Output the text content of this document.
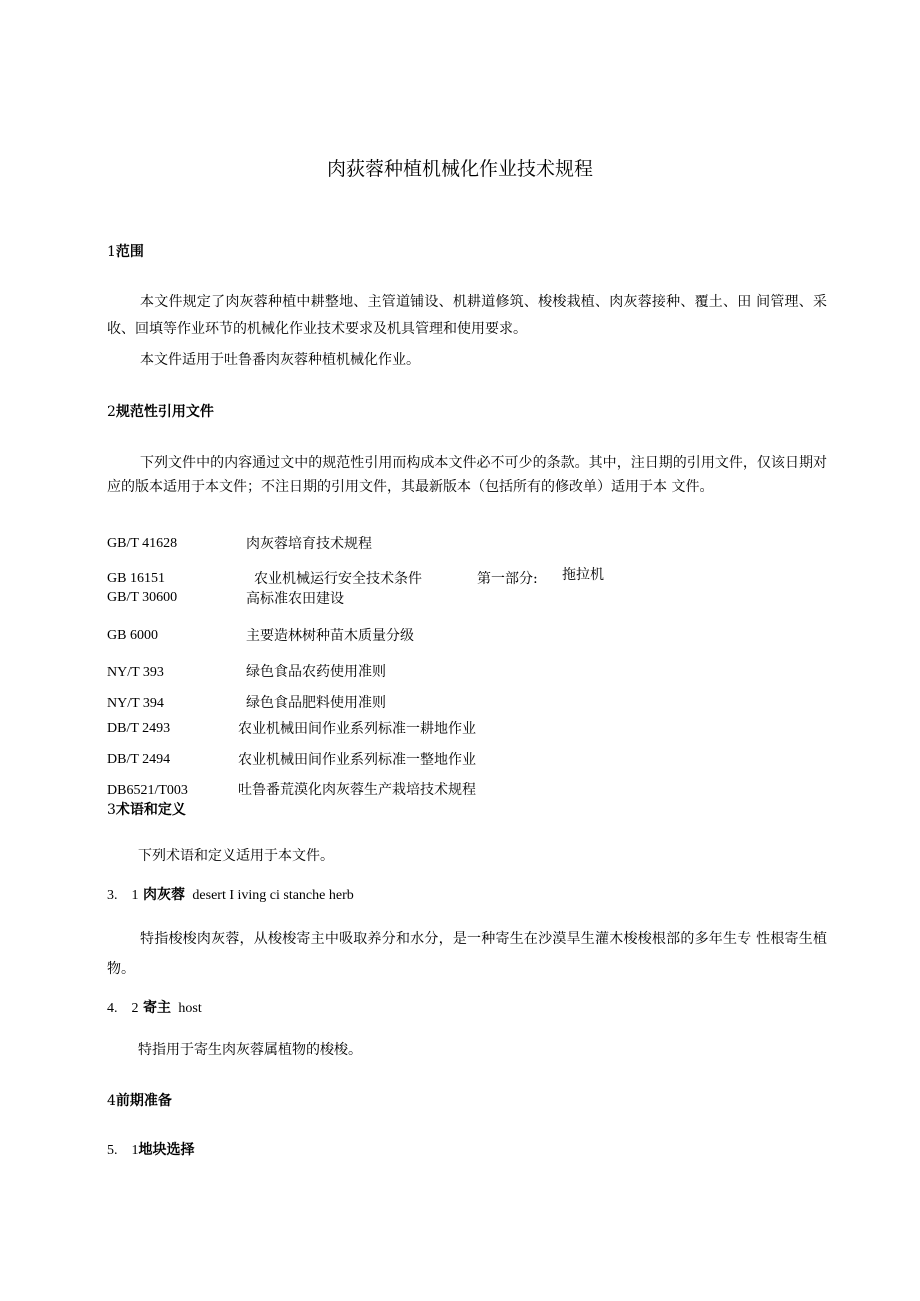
肉荻蓉种植机械化作业技术规程
1范围
本文件规定了肉灰蓉种植中耕整地、主管道铺设、机耕道修筑、梭梭栽植、肉灰蓉接种、覆土、田 间管理、采收、回填等作业环节的机械化作业技术要求及机具管理和使用要求。
本文件适用于吐鲁番肉灰蓉种植机械化作业。
2规范性引用文件
下列文件中的内容通过文中的规范性引用而构成本文件必不可少的条款。其中，注日期的引用文件，仅该日期对应的版本适用于本文件；不注日期的引用文件，其最新版本（包括所有的修改单）适用于本 文件。
GB/T 41628	肉灰蓉培育技术规程
GB 16151	农业机械运行安全技术条件	第一部分: 拖拉机
GB/T 30600	高标准农田建设
GB 6000	主要造林树种苗木质量分级
NY/T 393	绿色食品农药使用准则
NY/T 394	绿色食品肥料使用准则
DB/T 2493	农业机械田间作业系列标准一耕地作业
DB/T 2494	农业机械田间作业系列标准一整地作业
DB6521/T003	吐鲁番荒漠化肉灰蓉生产栽培技术规程
3术语和定义
下列术语和定义适用于本文件。
3.　1 肉灰蓉 desert I iving ci stanche herb
特指梭梭肉灰蓉，从梭梭寄主中吸取养分和水分，是一种寄生在沙漠旱生灌木梭梭根部的多年生专 性根寄生植物。
4.　2 寄主 host
特指用于寄生肉灰蓉属植物的梭梭。
4前期准备
5.　1地块选择
